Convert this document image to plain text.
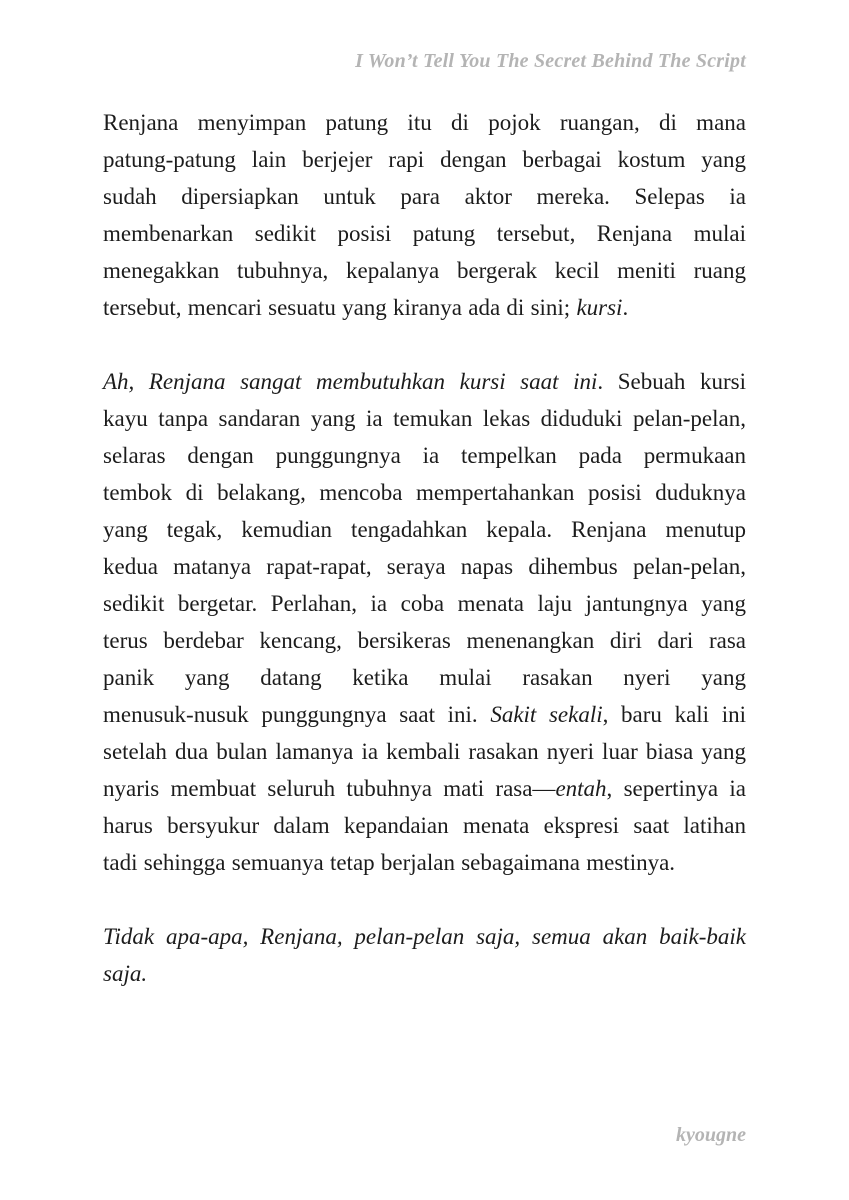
I Won’t Tell You The Secret Behind The Script

Renjana menyimpan patung itu di pojok ruangan, di mana
patung-patung lain berjejer rapi dengan berbagai kostum yang
sudah dipersiapkan untuk para aktor mereka. Selepas ia
membenarkan sedikit posisi patung tersebut, Renjana mulai
menegakkan tubuhnya, kepalanya bergerak kecil meniti ruang
tersebut, mencari sesuatu yang kiranya ada di sini; kursi.

Ah, Renjana sangat membutuhkan kursi saat ini. Sebuah kursi
kayu tanpa sandaran yang ia temukan lekas diduduki pelan-pelan,
selaras dengan punggungnya ia tempelkan pada permukaan
tembok di belakang, mencoba mempertahankan posisi duduknya
yang tegak, kemudian tengadahkan kepala. Renjana menutup
kedua matanya rapat-rapat, seraya napas dihembus pelan-pelan,
sedikit bergetar. Perlahan, ia coba menata laju jantungnya yang
terus berdebar kencang, bersikeras menenangkan diri dari rasa
panik yang datang ketika mulai rasakan nyeri yang
menusuk-nusuk punggungnya saat ini. Sakit sekali, baru kali ini
setelah dua bulan lamanya ia kembali rasakan nyeri luar biasa yang
nyaris membuat seluruh tubuhnya mati rasa—entah, sepertinya ia
harus bersyukur dalam kepandaian menata ekspresi saat latihan
tadi sehingga semuanya tetap berjalan sebagaimana mestinya.

Tidak apa-apa, Renjana, pelan-pelan saja, semua akan baik-baik
saja.

kyougne
